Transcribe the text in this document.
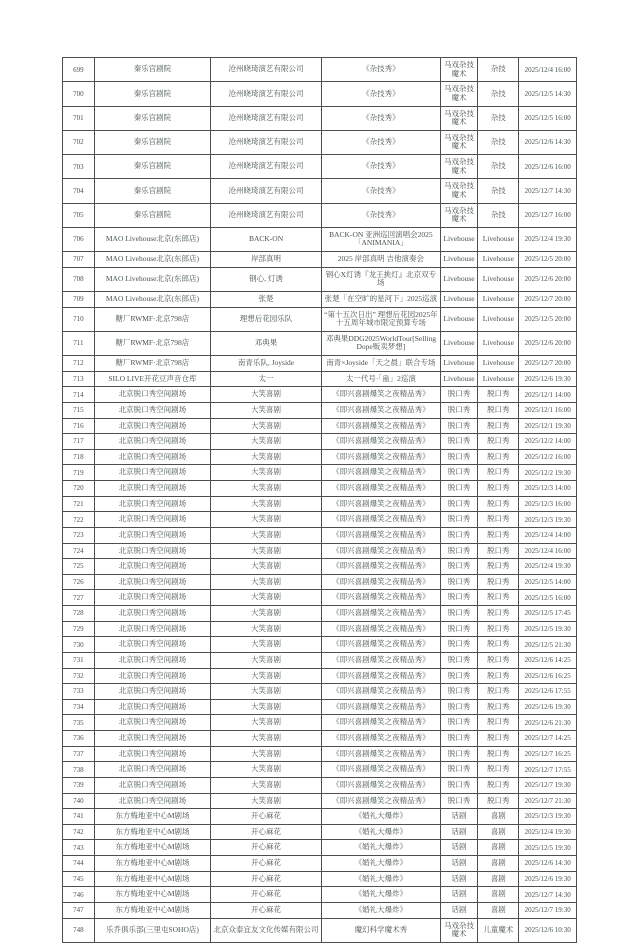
699	秦乐宫剧院	沧州晓琦演艺有限公司	《杂技秀》	马戏杂技魔术	杂技	2025/12/4 16:00
700	秦乐宫剧院	沧州晓琦演艺有限公司	《杂技秀》	马戏杂技魔术	杂技	2025/12/5 14:30
701	秦乐宫剧院	沧州晓琦演艺有限公司	《杂技秀》	马戏杂技魔术	杂技	2025/12/5 16:00
702	秦乐宫剧院	沧州晓琦演艺有限公司	《杂技秀》	马戏杂技魔术	杂技	2025/12/6 14:30
703	秦乐宫剧院	沧州晓琦演艺有限公司	《杂技秀》	马戏杂技魔术	杂技	2025/12/6 16:00
704	秦乐宫剧院	沧州晓琦演艺有限公司	《杂技秀》	马戏杂技魔术	杂技	2025/12/7 14:30
705	秦乐宫剧院	沧州晓琦演艺有限公司	《杂技秀》	马戏杂技魔术	杂技	2025/12/7 16:00
706	MAO Livehouse北京(东郎店)	BACK-ON	BACK-ON 亚洲巡回演唱会2025「ANIMANIA」	Livehouse	Livehouse	2025/12/4 19:30
707	MAO Livehouse北京(东郎店)	岸部真明	2025 岸部真明 吉他演奏会	Livehouse	Livehouse	2025/12/5 20:00
708	MAO Livehouse北京(东郎店)	钢心, 灯诱	钢心X灯诱『龙王挑灯』北京双专场	Livehouse	Livehouse	2025/12/6 20:00
709	MAO Livehouse北京(东郎店)	张楚	张楚「在空旷的星河下」2025巡演	Livehouse	Livehouse	2025/12/7 20:00
710	糖厂RWMF·北京798店	理想后花园乐队	“第十五次日出” 理想后花园2025年十五周年城市限定预算专场	Livehouse	Livehouse	2025/12/5 20:00
711	糖厂RWMF·北京798店	邓典果	邓典果DDG2025WorldTour[Selling Dope贩卖梦想]	Livehouse	Livehouse	2025/12/6 20:00
712	糖厂RWMF·北京798店	南青乐队, Joyside	南青×Joyside「天之晨」联合专场	Livehouse	Livehouse	2025/12/7 20:00
713	SILO LIVE开花豆声音仓库	太一	太一代号·「蛊」2巡演	Livehouse	Livehouse	2025/12/6 19:30
714	北京脱口秀空间剧场	大笑喜剧	《即兴喜剧爆笑之夜精品秀》	脱口秀	脱口秀	2025/12/1 14:00
715	北京脱口秀空间剧场	大笑喜剧	《即兴喜剧爆笑之夜精品秀》	脱口秀	脱口秀	2025/12/1 16:00
716	北京脱口秀空间剧场	大笑喜剧	《即兴喜剧爆笑之夜精品秀》	脱口秀	脱口秀	2025/12/1 19:30
717	北京脱口秀空间剧场	大笑喜剧	《即兴喜剧爆笑之夜精品秀》	脱口秀	脱口秀	2025/12/2 14:00
718	北京脱口秀空间剧场	大笑喜剧	《即兴喜剧爆笑之夜精品秀》	脱口秀	脱口秀	2025/12/2 16:00
719	北京脱口秀空间剧场	大笑喜剧	《即兴喜剧爆笑之夜精品秀》	脱口秀	脱口秀	2025/12/2 19:30
720	北京脱口秀空间剧场	大笑喜剧	《即兴喜剧爆笑之夜精品秀》	脱口秀	脱口秀	2025/12/3 14:00
721	北京脱口秀空间剧场	大笑喜剧	《即兴喜剧爆笑之夜精品秀》	脱口秀	脱口秀	2025/12/3 16:00
722	北京脱口秀空间剧场	大笑喜剧	《即兴喜剧爆笑之夜精品秀》	脱口秀	脱口秀	2025/12/3 19:30
723	北京脱口秀空间剧场	大笑喜剧	《即兴喜剧爆笑之夜精品秀》	脱口秀	脱口秀	2025/12/4 14:00
724	北京脱口秀空间剧场	大笑喜剧	《即兴喜剧爆笑之夜精品秀》	脱口秀	脱口秀	2025/12/4 16:00
725	北京脱口秀空间剧场	大笑喜剧	《即兴喜剧爆笑之夜精品秀》	脱口秀	脱口秀	2025/12/4 19:30
726	北京脱口秀空间剧场	大笑喜剧	《即兴喜剧爆笑之夜精品秀》	脱口秀	脱口秀	2025/12/5 14:00
727	北京脱口秀空间剧场	大笑喜剧	《即兴喜剧爆笑之夜精品秀》	脱口秀	脱口秀	2025/12/5 16:00
728	北京脱口秀空间剧场	大笑喜剧	《即兴喜剧爆笑之夜精品秀》	脱口秀	脱口秀	2025/12/5 17:45
729	北京脱口秀空间剧场	大笑喜剧	《即兴喜剧爆笑之夜精品秀》	脱口秀	脱口秀	2025/12/5 19:30
730	北京脱口秀空间剧场	大笑喜剧	《即兴喜剧爆笑之夜精品秀》	脱口秀	脱口秀	2025/12/5 21:30
731	北京脱口秀空间剧场	大笑喜剧	《即兴喜剧爆笑之夜精品秀》	脱口秀	脱口秀	2025/12/6 14:25
732	北京脱口秀空间剧场	大笑喜剧	《即兴喜剧爆笑之夜精品秀》	脱口秀	脱口秀	2025/12/6 16:25
733	北京脱口秀空间剧场	大笑喜剧	《即兴喜剧爆笑之夜精品秀》	脱口秀	脱口秀	2025/12/6 17:55
734	北京脱口秀空间剧场	大笑喜剧	《即兴喜剧爆笑之夜精品秀》	脱口秀	脱口秀	2025/12/6 19:30
735	北京脱口秀空间剧场	大笑喜剧	《即兴喜剧爆笑之夜精品秀》	脱口秀	脱口秀	2025/12/6 21:30
736	北京脱口秀空间剧场	大笑喜剧	《即兴喜剧爆笑之夜精品秀》	脱口秀	脱口秀	2025/12/7 14:25
737	北京脱口秀空间剧场	大笑喜剧	《即兴喜剧爆笑之夜精品秀》	脱口秀	脱口秀	2025/12/7 16:25
738	北京脱口秀空间剧场	大笑喜剧	《即兴喜剧爆笑之夜精品秀》	脱口秀	脱口秀	2025/12/7 17:55
739	北京脱口秀空间剧场	大笑喜剧	《即兴喜剧爆笑之夜精品秀》	脱口秀	脱口秀	2025/12/7 19:30
740	北京脱口秀空间剧场	大笑喜剧	《即兴喜剧爆笑之夜精品秀》	脱口秀	脱口秀	2025/12/7 21:30
741	东方梅地亚中心M剧场	开心麻花	《婚礼大爆炸》	话剧	喜剧	2025/12/3 19:30
742	东方梅地亚中心M剧场	开心麻花	《婚礼大爆炸》	话剧	喜剧	2025/12/4 19:30
743	东方梅地亚中心M剧场	开心麻花	《婚礼大爆炸》	话剧	喜剧	2025/12/5 19:30
744	东方梅地亚中心M剧场	开心麻花	《婚礼大爆炸》	话剧	喜剧	2025/12/6 14:30
745	东方梅地亚中心M剧场	开心麻花	《婚礼大爆炸》	话剧	喜剧	2025/12/6 19:30
746	东方梅地亚中心M剧场	开心麻花	《婚礼大爆炸》	话剧	喜剧	2025/12/7 14:30
747	东方梅地亚中心M剧场	开心麻花	《婚礼大爆炸》	话剧	喜剧	2025/12/7 19:30
748	乐乔俱乐部(三里屯SOHO店)	北京众泰宜友文化传媒有限公司	魔幻科学魔术秀	马戏杂技魔术	儿童魔术	2025/12/6 10:30
